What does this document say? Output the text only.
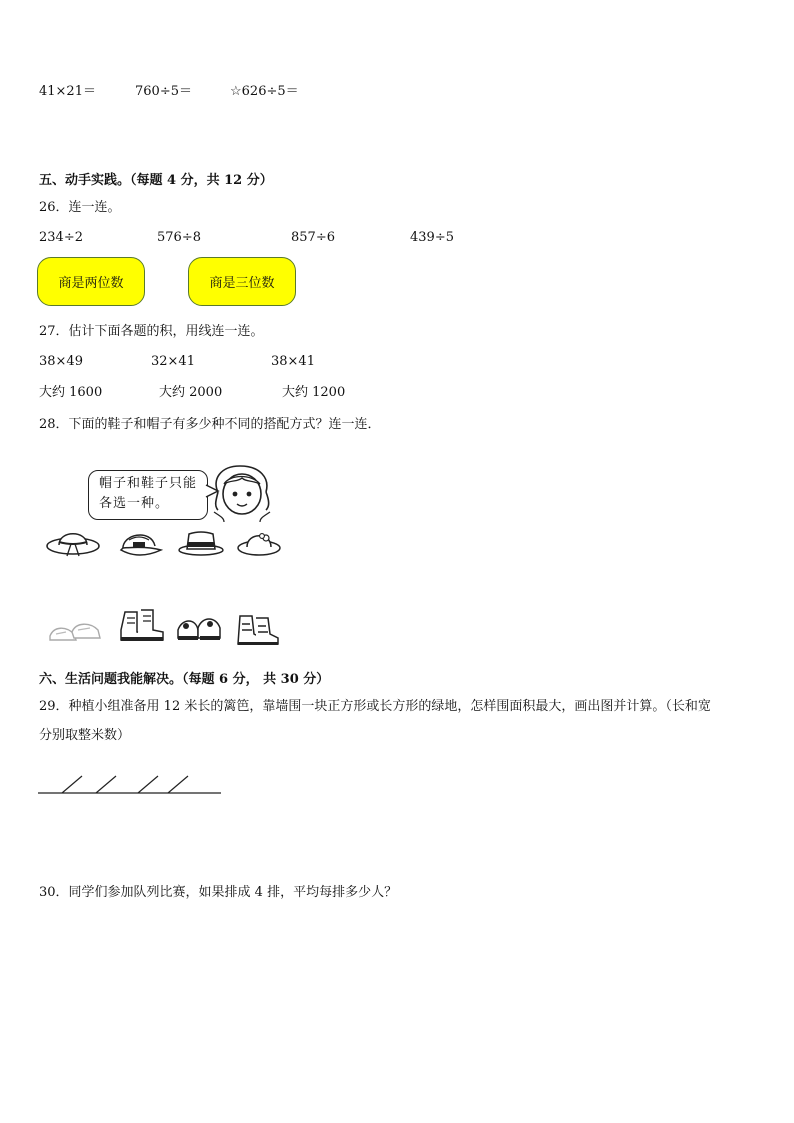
41×21＝	760÷5＝	☆626÷5＝
五、动手实践。（每题 4 分，共 12 分）
26．连一连。
234÷2	576÷8	857÷6	439÷5
商是两位数	商是三位数
27．估计下面各题的积，用线连一连。
38×49	32×41	38×41
大约 1600	大约 2000	大约 1200
28．下面的鞋子和帽子有多少种不同的搭配方式？连一连．
帽子和鞋子只能
各选一种。
六、生活问题我能解决。（每题 6 分， 共 30 分）
29．种植小组准备用 12 米长的篱笆，靠墙围一块正方形或长方形的绿地，怎样围面积最大，画出图并计算。（长和宽
分别取整米数）
30．同学们参加队列比赛，如果排成 4 排，平均每排多少人？
